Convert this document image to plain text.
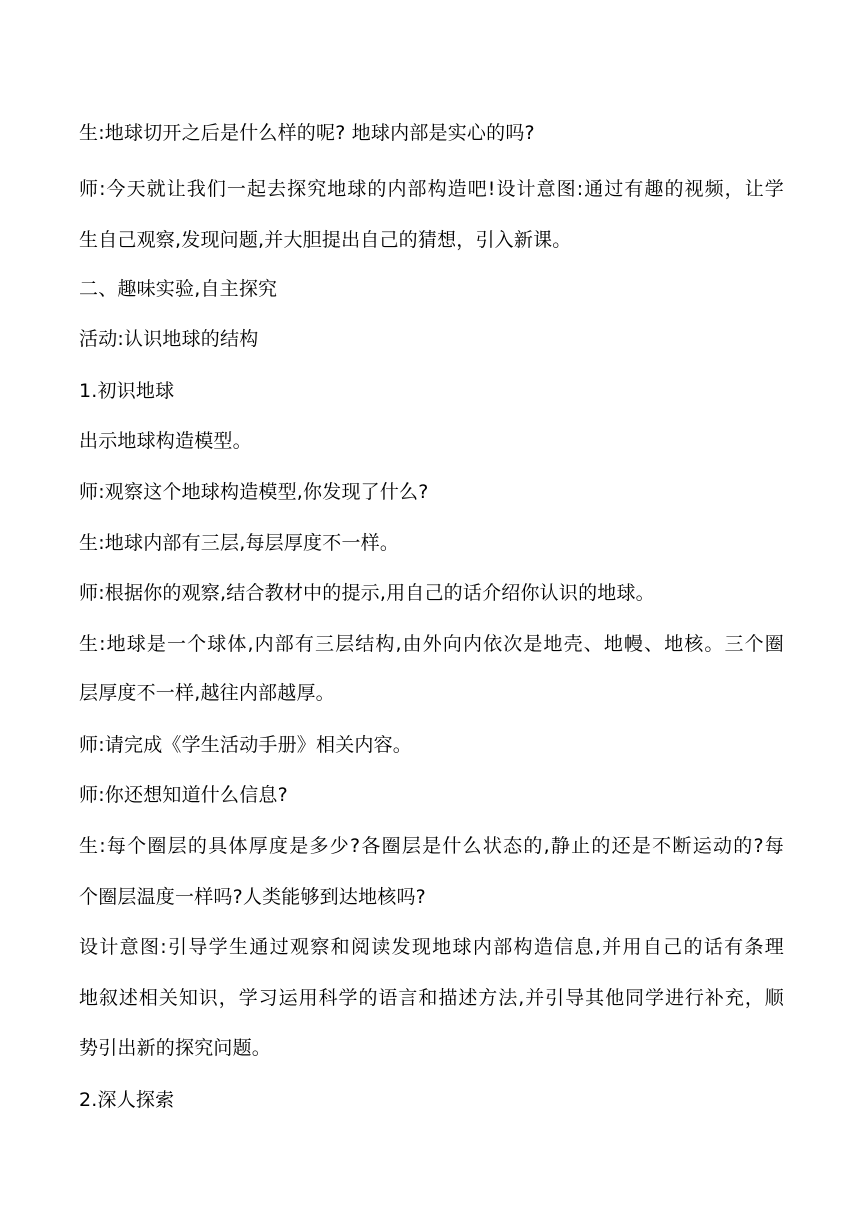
生:地球切开之后是什么样的呢? 地球内部是实心的吗?
师:今天就让我们一起去探究地球的内部构造吧!设计意图:通过有趣的视频，让学
生自己观察,发现问题,并大胆提出自己的猜想，引入新课。
二、趣味实验,自主探究
活动:认识地球的结构
1.初识地球
出示地球构造模型。
师:观察这个地球构造模型,你发现了什么?
生:地球内部有三层,每层厚度不一样。
师:根据你的观察,结合教材中的提示,用自己的话介绍你认识的地球。
生:地球是一个球体,内部有三层结构,由外向内依次是地壳、地幔、地核。三个圈
层厚度不一样,越往内部越厚。
师:请完成《学生活动手册》相关内容。
师:你还想知道什么信息?
生:每个圈层的具体厚度是多少?各圈层是什么状态的,静止的还是不断运动的?每
个圈层温度一样吗?人类能够到达地核吗?
设计意图:引导学生通过观察和阅读发现地球内部构造信息,并用自己的话有条理
地叙述相关知识，学习运用科学的语言和描述方法,并引导其他同学进行补充，顺
势引出新的探究问题。
2.深人探索
